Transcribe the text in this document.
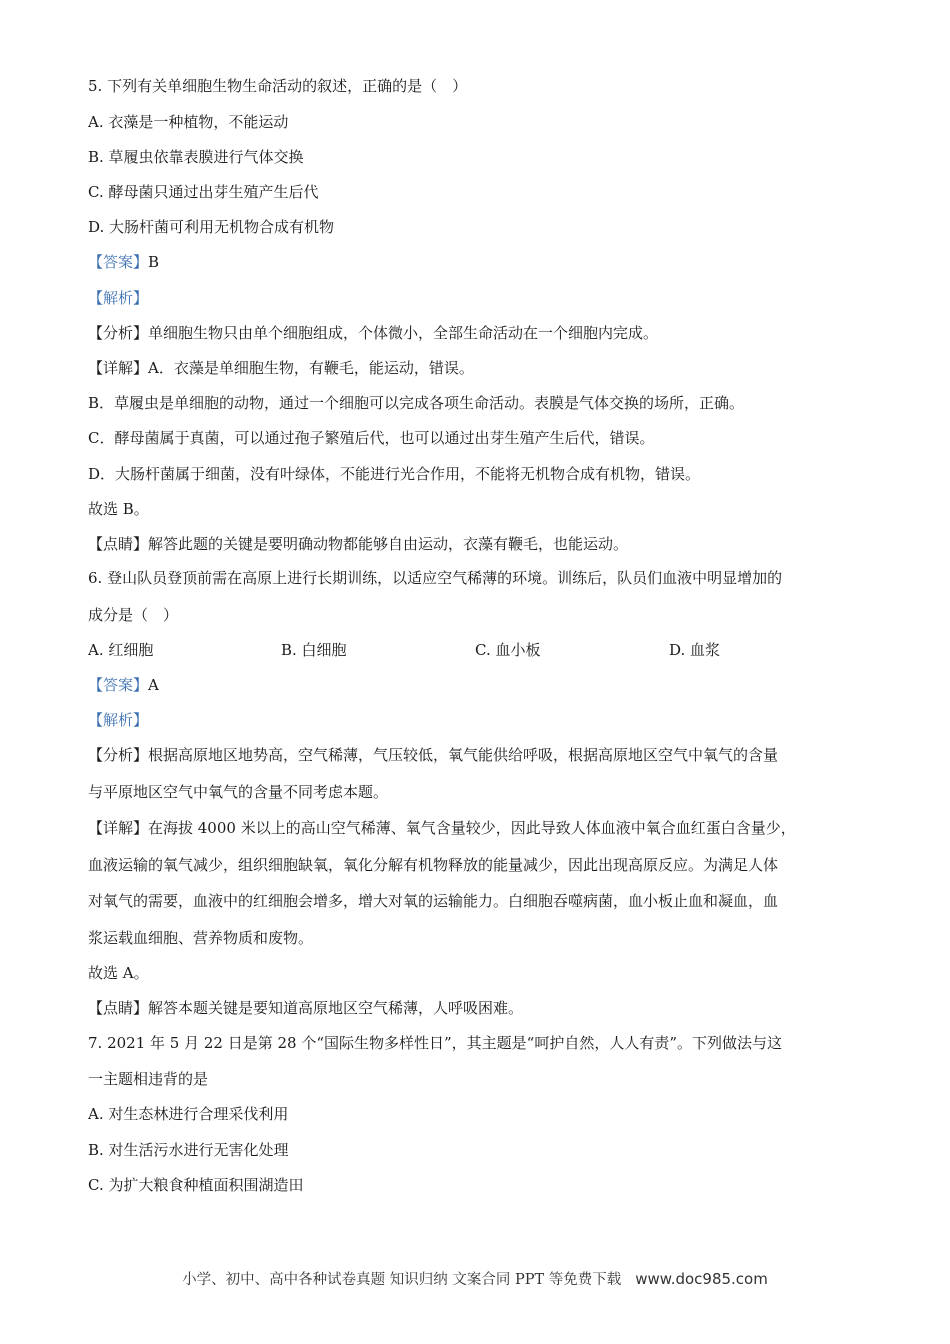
5. 下列有关单细胞生物生命活动的叙述，正确的是（　）
A. 衣藻是一种植物，不能运动
B. 草履虫依靠表膜进行气体交换
C. 酵母菌只通过出芽生殖产生后代
D. 大肠杆菌可利用无机物合成有机物
【答案】B
【解析】
【分析】单细胞生物只由单个细胞组成，个体微小，全部生命活动在一个细胞内完成。
【详解】A．衣藻是单细胞生物，有鞭毛，能运动，错误。
B．草履虫是单细胞的动物，通过一个细胞可以完成各项生命活动。表膜是气体交换的场所，正确。
C．酵母菌属于真菌，可以通过孢子繁殖后代，也可以通过出芽生殖产生后代，错误。
D．大肠杆菌属于细菌，没有叶绿体，不能进行光合作用，不能将无机物合成有机物，错误。
故选 B。
【点睛】解答此题的关键是要明确动物都能够自由运动，衣藻有鞭毛，也能运动。
6. 登山队员登顶前需在高原上进行长期训练，以适应空气稀薄的环境。训练后，队员们血液中明显增加的
成分是（　）
A. 红细胞	B. 白细胞	C. 血小板	D. 血浆
【答案】A
【解析】
【分析】根据高原地区地势高，空气稀薄，气压较低，氧气能供给呼吸，根据高原地区空气中氧气的含量
与平原地区空气中氧气的含量不同考虑本题。
【详解】在海拔 4000 米以上的高山空气稀薄、氧气含量较少，因此导致人体血液中氧合血红蛋白含量少，
血液运输的氧气减少，组织细胞缺氧，氧化分解有机物释放的能量减少，因此出现高原反应。为满足人体
对氧气的需要，血液中的红细胞会增多，增大对氧的运输能力。白细胞吞噬病菌，血小板止血和凝血，血
浆运载血细胞、营养物质和废物。
故选 A。
【点睛】解答本题关键是要知道高原地区空气稀薄，人呼吸困难。
7. 2021 年 5 月 22 日是第 28 个“国际生物多样性日”，其主题是“呵护自然，人人有责”。下列做法与这
一主题相违背的是
A. 对生态林进行合理采伐利用
B. 对生活污水进行无害化处理
C. 为扩大粮食种植面积围湖造田
小学、初中、高中各种试卷真题 知识归纳 文案合同 PPT 等免费下载 www.doc985.com
